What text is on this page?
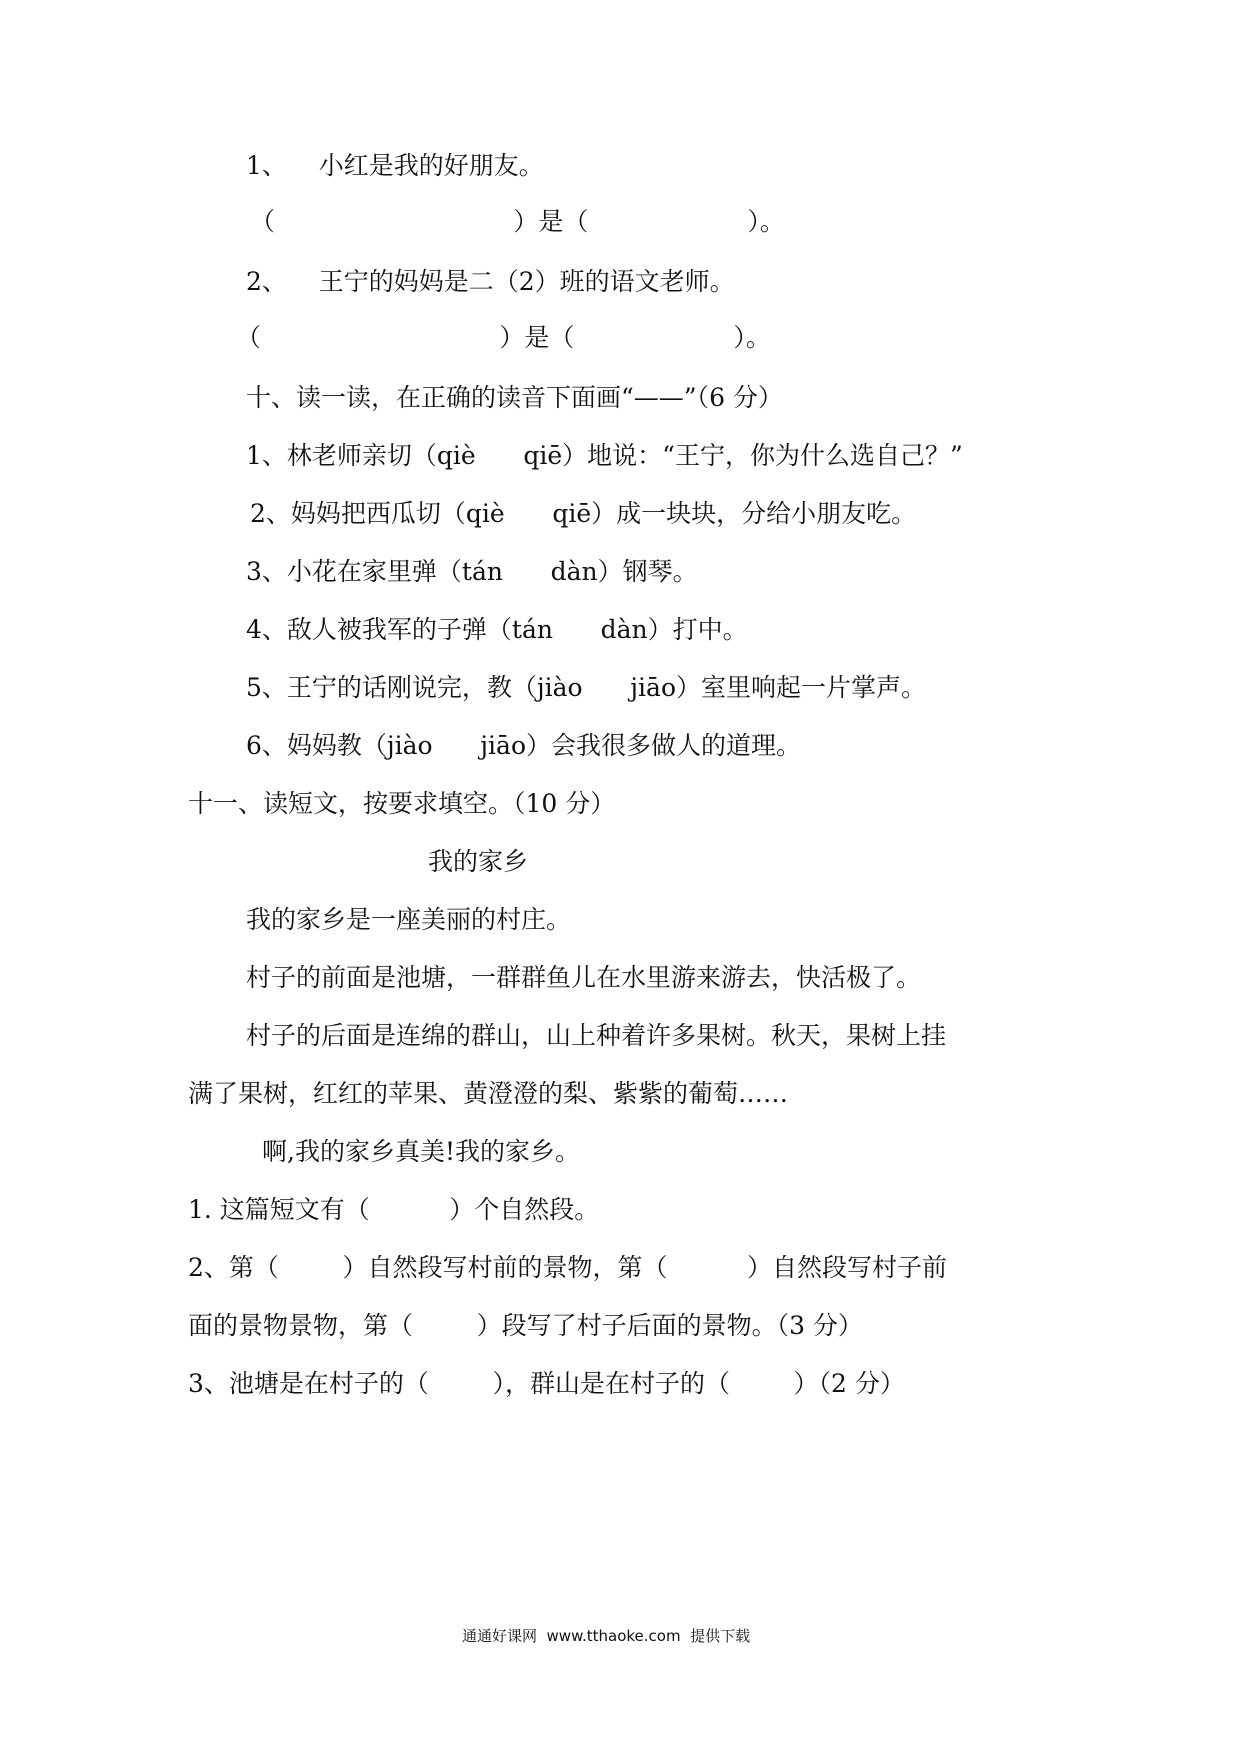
1、    小红是我的好朋友。
（                              ）是（                    ）。
2、    王宁的妈妈是二（2）班的语文老师。
（                              ）是（                    ）。
十、读一读，在正确的读音下面画“——”（6 分）
1、林老师亲切（qiè      qiē）地说：“王宁，你为什么选自己？”
2、妈妈把西瓜切（qiè      qiē）成一块块，分给小朋友吃。
3、小花在家里弹（tán      dàn）钢琴。
4、敌人被我军的子弹（tán      dàn）打中。
5、王宁的话刚说完，教（jiào      jiāo）室里响起一片掌声。
6、妈妈教（jiào      jiāo）会我很多做人的道理。
十一、读短文，按要求填空。（10 分）
我的家乡
我的家乡是一座美丽的村庄。
村子的前面是池塘，一群群鱼儿在水里游来游去，快活极了。
村子的后面是连绵的群山，山上种着许多果树。秋天，果树上挂
满了果树，红红的苹果、黄澄澄的梨、紫紫的葡萄……
啊,我的家乡真美!我的家乡。
1. 这篇短文有（          ）个自然段。
2、第（        ）自然段写村前的景物，第（          ）自然段写村子前
面的景物景物，第（        ）段写了村子后面的景物。（3 分）
3、池塘是在村子的（        ），群山是在村子的（        ）（2 分）
通通好课网  www.tthaoke.com  提供下载
